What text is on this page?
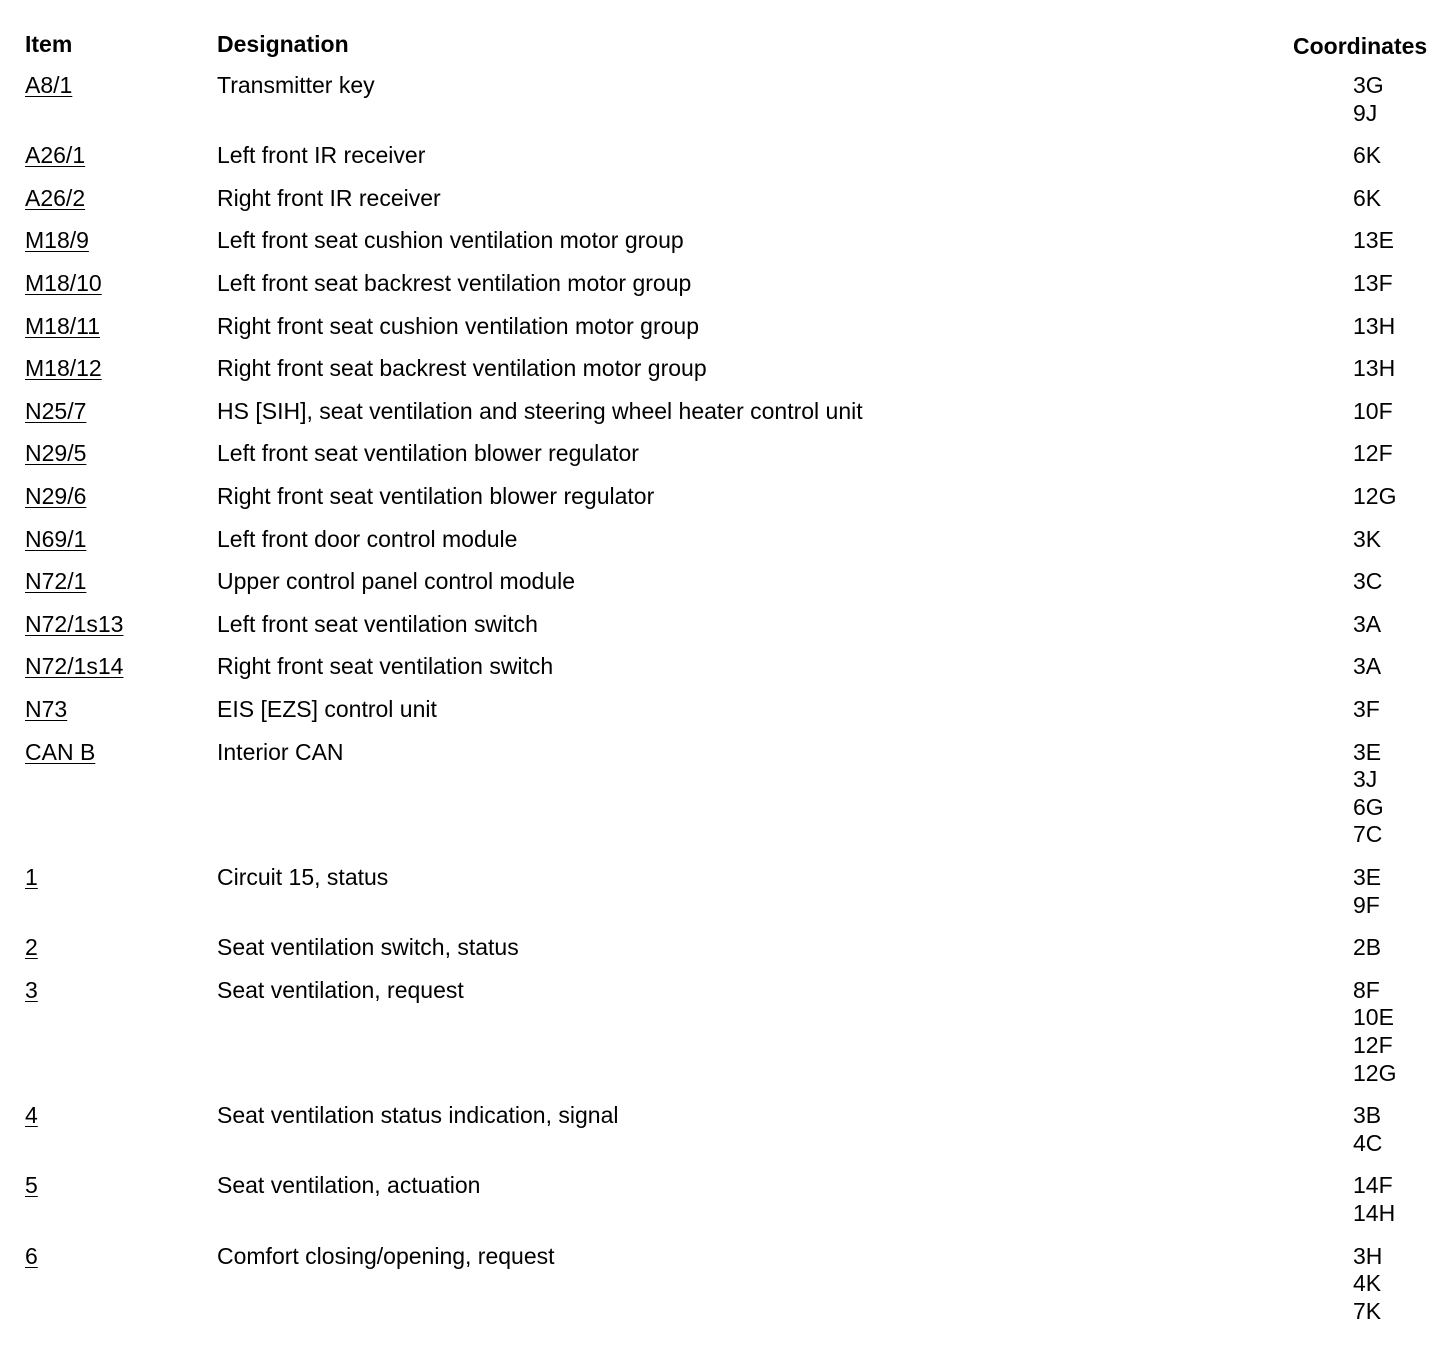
Item	Designation	Coordinates
A8/1	Transmitter key	3G
9J
A26/1	Left front IR receiver	6K
A26/2	Right front IR receiver	6K
M18/9	Left front seat cushion ventilation motor group	13E
M18/10	Left front seat backrest ventilation motor group	13F
M18/11	Right front seat cushion ventilation motor group	13H
M18/12	Right front seat backrest ventilation motor group	13H
N25/7	HS [SIH], seat ventilation and steering wheel heater control unit	10F
N29/5	Left front seat ventilation blower regulator	12F
N29/6	Right front seat ventilation blower regulator	12G
N69/1	Left front door control module	3K
N72/1	Upper control panel control module	3C
N72/1s13	Left front seat ventilation switch	3A
N72/1s14	Right front seat ventilation switch	3A
N73	EIS [EZS] control unit	3F
CAN B	Interior CAN	3E
3J
6G
7C
1	Circuit 15, status	3E
9F
2	Seat ventilation switch, status	2B
3	Seat ventilation, request	8F
10E
12F
12G
4	Seat ventilation status indication, signal	3B
4C
5	Seat ventilation, actuation	14F
14H
6	Comfort closing/opening, request	3H
4K
7K
